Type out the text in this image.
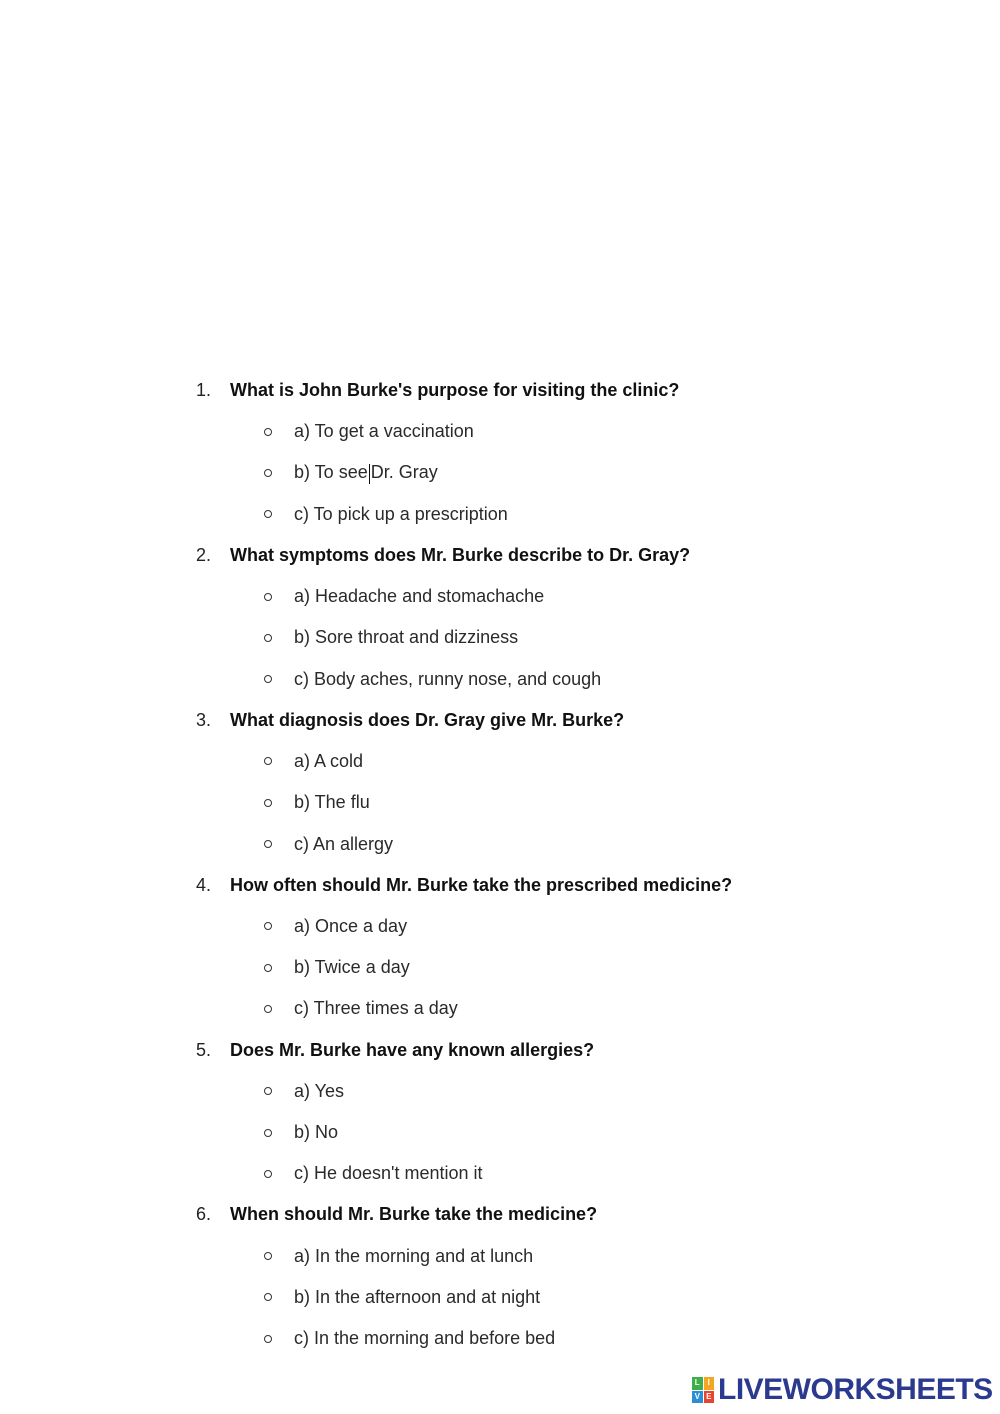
1.	What is John Burke's purpose for visiting the clinic?
a) To get a vaccination
b) To see Dr. Gray
c) To pick up a prescription
2.	What symptoms does Mr. Burke describe to Dr. Gray?
a) Headache and stomachache
b) Sore throat and dizziness
c) Body aches, runny nose, and cough
3.	What diagnosis does Dr. Gray give Mr. Burke?
a) A cold
b) The flu
c) An allergy
4.	How often should Mr. Burke take the prescribed medicine?
a) Once a day
b) Twice a day
c) Three times a day
5.	Does Mr. Burke have any known allergies?
a) Yes
b) No
c) He doesn't mention it
6.	When should Mr. Burke take the medicine?
a) In the morning and at lunch
b) In the afternoon and at night
c) In the morning and before bed
L I
V E LIVEWORKSHEETS
